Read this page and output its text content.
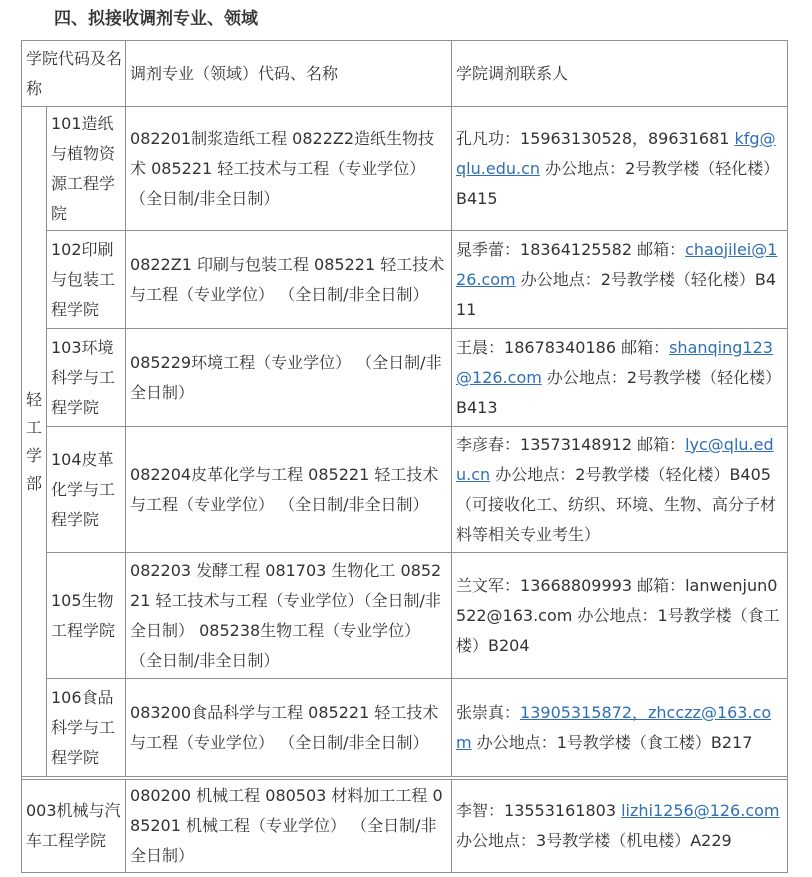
四、拟接收调剂专业、领域
学院代码及名称		调剂专业（领域）代码、名称	学院调剂联系人

轻工学部	101造纸与植物资源工程学院	082201制浆造纸工程 0822Z2造纸生物技术 085221 轻工技术与工程（专业学位）（全日制/非全日制）	孔凡功：15963130528，89631681 kfg@qlu.edu.cn 办公地点：2号教学楼（轻化楼）B415
	102印刷与包装工程学院	0822Z1 印刷与包装工程 085221 轻工技术与工程（专业学位） （全日制/非全日制）	晁季蕾：18364125582 邮箱：chaojilei@126.com 办公地点：2号教学楼（轻化楼）B411
	103环境科学与工程学院	085229环境工程（专业学位） （全日制/非全日制）	王晨：18678340186 邮箱：shanqing123@126.com 办公地点：2号教学楼（轻化楼）B413
	104皮革化学与工程学院	082204皮革化学与工程 085221 轻工技术与工程（专业学位） （全日制/非全日制）	李彦春：13573148912 邮箱：lyc@qlu.edu.cn 办公地点：2号教学楼（轻化楼）B405（可接收化工、纺织、环境、生物、高分子材料等相关专业考生）
	105生物工程学院	082203 发酵工程 081703 生物化工 085221 轻工技术与工程（专业学位）（全日制/非全日制） 085238生物工程（专业学位） （全日制/非全日制）	兰文军：13668809993 邮箱：lanwenjun0522@163.com 办公地点：1号教学楼（食工楼）B204
	106食品科学与工程学院	083200食品科学与工程 085221 轻工技术与工程（专业学位） （全日制/非全日制）	张崇真：13905315872，zhcczz@163.com 办公地点：1号教学楼（食工楼）B217

003机械与汽车工程学院		080200 机械工程 080503 材料加工工程 085201 机械工程（专业学位） （全日制/非全日制）	李智：13553161803 lizhi1256@126.com 办公地点：3号教学楼（机电楼）A229
